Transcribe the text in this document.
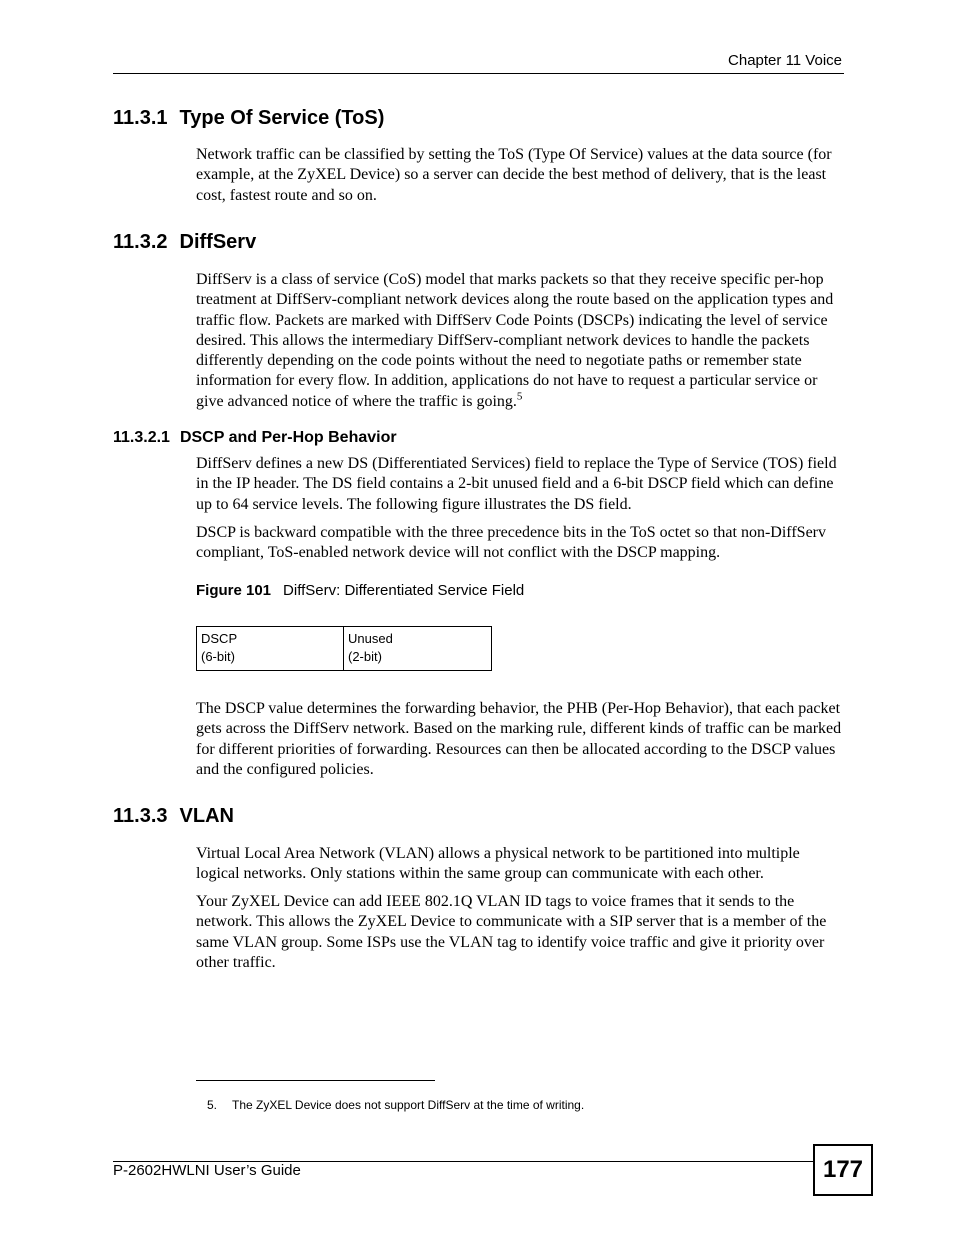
Chapter 11 Voice
11.3.1 Type Of Service (ToS)

Network traffic can be classified by setting the ToS (Type Of Service) values at the data source (for example, at the ZyXEL Device) so a server can decide the best method of delivery, that is the least cost, fastest route and so on.

11.3.2 DiffServ

DiffServ is a class of service (CoS) model that marks packets so that they receive specific per-hop treatment at DiffServ-compliant network devices along the route based on the application types and traffic flow. Packets are marked with DiffServ Code Points (DSCPs) indicating the level of service desired. This allows the intermediary DiffServ-compliant network devices to handle the packets differently depending on the code points without the need to negotiate paths or remember state information for every flow. In addition, applications do not have to request a particular service or give advanced notice of where the traffic is going.$^5$

11.3.2.1 DSCP and Per-Hop Behavior

DiffServ defines a new DS (Differentiated Services) field to replace the Type of Service (TOS) field in the IP header. The DS field contains a 2-bit unused field and a 6-bit DSCP field which can define up to 64 service levels. The following figure illustrates the DS field.

DSCP is backward compatible with the three precedence bits in the ToS octet so that non-DiffServ compliant, ToS-enabled network device will not conflict with the DSCP mapping.

Figure 101 DiffServ: Differentiated Service Field
DSCP
(6-bit)

Unused
(2-bit)

The DSCP value determines the forwarding behavior, the PHB (Per-Hop Behavior), that each packet gets across the DiffServ network. Based on the marking rule, different kinds of traffic can be marked for different priorities of forwarding. Resources can then be allocated according to the DSCP values and the configured policies.

11.3.3 VLAN

Virtual Local Area Network (VLAN) allows a physical network to be partitioned into multiple logical networks. Only stations within the same group can communicate with each other.

Your ZyXEL Device can add IEEE 802.1Q VLAN ID tags to voice frames that it sends to the network. This allows the ZyXEL Device to communicate with a SIP server that is a member of the same VLAN group. Some ISPs use the VLAN tag to identify voice traffic and give it priority over other traffic.

5. The ZyXEL Device does not support DiffServ at the time of writing.
P-2602HWLNI User’s Guide	177
